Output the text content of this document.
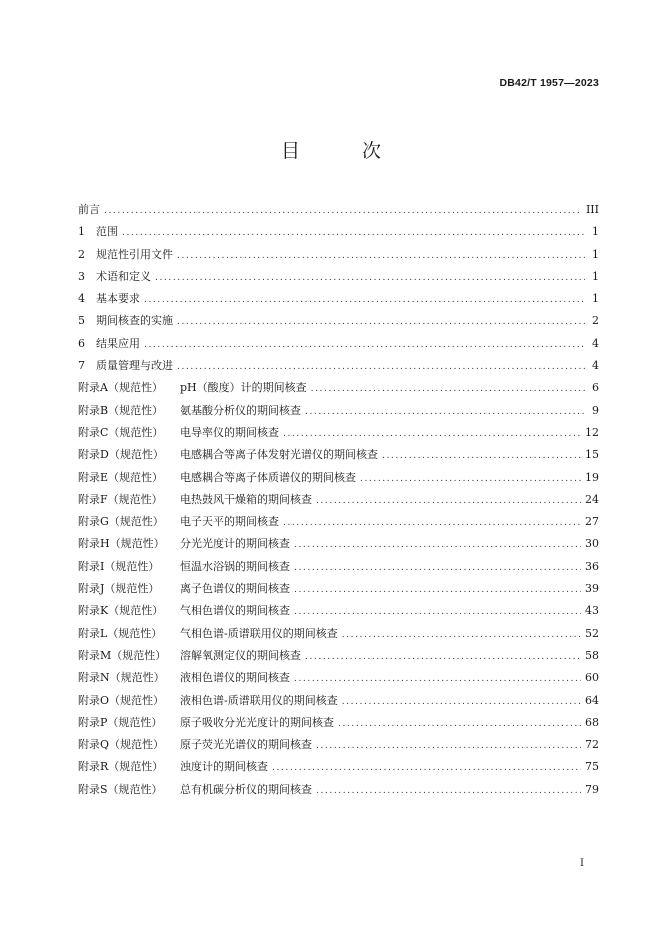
DB42/T 1957—2023
目 次
前言 .....	III
1	范围 .....	1
2	规范性引用文件 .....	1
3	术语和定义 .....	1
4	基本要求 .....	1
5	期间核查的实施 .....	2
6	结果应用 .....	4
7	质量管理与改进 .....	4
附录A（规范性）	pH（酸度）计的期间核查 .....	6
附录B（规范性）	氨基酸分析仪的期间核查 .....	9
附录C（规范性）	电导率仪的期间核查 .....	12
附录D（规范性）	电感耦合等离子体发射光谱仪的期间核查 .....	15
附录E（规范性）	电感耦合等离子体质谱仪的期间核查 .....	19
附录F（规范性）	电热鼓风干燥箱的期间核查 .....	24
附录G（规范性）	电子天平的期间核查 .....	27
附录H（规范性）	分光光度计的期间核查 .....	30
附录I（规范性）	恒温水浴锅的期间核查 .....	36
附录J（规范性）	离子色谱仪的期间核查 .....	39
附录K（规范性）	气相色谱仪的期间核查 .....	43
附录L（规范性）	气相色谱-质谱联用仪的期间核查 .....	52
附录M（规范性）	溶解氧测定仪的期间核查 .....	58
附录N（规范性）	液相色谱仪的期间核查 .....	60
附录O（规范性）	液相色谱-质谱联用仪的期间核查 .....	64
附录P（规范性）	原子吸收分光光度计的期间核查 .....	68
附录Q（规范性）	原子荧光光谱仪的期间核查 .....	72
附录R（规范性）	浊度计的期间核查 .....	75
附录S（规范性）	总有机碳分析仪的期间核查 .....	79
I
